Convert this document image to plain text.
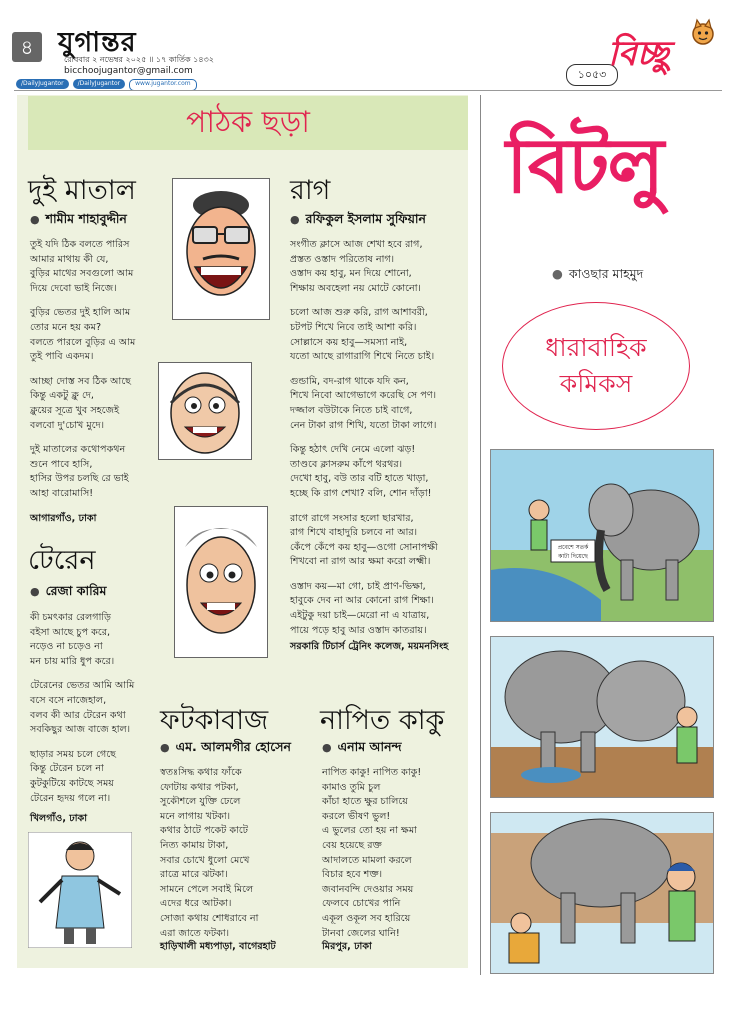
৪ যুগান্তর
রোববার ২ নভেম্বর ২০২৫ ॥ ১৭ কার্তিক ১৪৩২
bicchoojugantor@gmail.com
/DailyJugantor	/DailyJugantor	www.jugantor.com
১০৫৩
বিচ্ছু
পাঠক ছড়া
দুই মাতাল
● শামীম শাহাবুদ্দীন

তুই যদি ঠিক বলতে পারিস
আমার মাথায় কী যে,
বুড়ির মাথের সবগুলো আম
দিয়ে দেবো ভাই নিজে।

বুড়ির ভেতর দুই হালি আম
তোর মনে হয় কম?
বলতে পারলে বুড়ির এ আম
তুই পাবি একদম।

আচ্ছা দোস্ত সব ঠিক আছে
কিন্তু একটু ক্লু দে,
ক্লুয়ের সূত্রে খুব সহজেই
বলবো দু'চোখ মুদে।

দুই মাতালের কথোপকথন
শুনে পাবে হাসি,
হাসির উপর চলছি রে ভাই
আহা বারোমাসি!

আগারগাঁও, ঢাকা
টেরেন
● রেজা কারিম

কী চমৎকার রেলগাড়ি
বইসা আছে চুপ করে,
নড়েও না চড়েও না
মন চায় মারি ধুপ করে।

টেরেনের ভেতর আমি আমি
বসে বসে নাজেহাল,
বলব কী আর টেরেন কথা
সবকিছুর আজ বাজে হাল।

ছাড়ার সময় চলে গেছে
কিন্তু টেরেন চলে না
কুটকুটিয়ে কাটছে সময়
টেরেন হৃদয় গলে না।

খিলগাঁও, ঢাকা
রাগ
● রফিকুল ইসলাম সুফিয়ান

সংগীত ক্লাসে আজ শেখা হবে রাগ,
প্রস্তত ওস্তাদ পরিতোষ নাগ।
ওস্তাদ কয় হাবু, মন দিয়ে শোনো,
শিক্ষায় অবহেলা নয় মোটে কোনো।

চলো আজ শুরু করি, রাগ আশাবরী,
চটপট শিখে নিবে তাই আশা করি।
সোল্লাসে কয় হাবু—সমস্যা নাই,
যতো আছে রাগারাগি শিখে নিতে চাই।

গুন্ডামি, বদ-রাগ থাকে যদি কন,
শিখে নিবো আগেভাগে করেছি সে পণ।
দজ্জাল বউটাকে নিতে চাই বাগে,
নেন টাকা রাগ শিখি, যতো টাকা লাগে।

কিন্তু হঠাৎ দেখি নেমে এলো ঝড়!
তাণ্ডবে ক্লাসরুম কাঁপে থরথর।
দেখো হাবু, বউ তার বটি হাতে খাড়া,
হচ্ছে কি রাগ শেখা? বলি, শোন দাঁড়া!

রাগে রাগে সংসার হলো ছারখার,
রাগ শিখে বাহাদুরি চলবে না আর।
কেঁপে কেঁপে কয় হাবু—ওগো সোনাপক্ষী
শিখবো না রাগ আর ক্ষমা করো লক্ষ্মী।

ওস্তাদ কয়—মা গো, চাই প্রাণ-ভিক্ষা,
হাবুকে দেব না আর কোনো রাগ শিক্ষা।
এইটুকু দয়া চাই—মেরো না এ যাত্রায়,
পায়ে পড়ে হাবু আর ওস্তাদ কাতরায়।

সরকারি টিচার্স ট্রেনিং কলেজ, ময়মনসিংহ
ফটকাবাজ
● এম. আলমগীর হোসেন
স্বতঃসিদ্ধ কথার ফাঁকে
ফোটায় কথার পটকা,
সুকৌশলে যুক্তি ঢেলে
মনে লাগায় খটকা।
কথার ঠাটে পকেট কাটে
নিত্য কামায় টাকা,
সবার চোখে ধুলো মেখে
রাত্রে মারে ঝটকা।
সামনে পেলে সবাই মিলে
এদের ধরে আটকা।
সোজা কথায় শোধরাবে না
এরা জাতে ফটকা।
হাড়িখালী মধ্যপাড়া, বাগেরহাট
নাপিত কাকু
● এনাম আনন্দ
নাপিত কাকু! নাপিত কাকু!
কামাও তুমি চুল
কাঁচা হাতে ক্ষুর চালিয়ে
করলে ভীষণ ভুল!
এ ভুলের তো হয় না ক্ষমা
বেয় হয়েছে রক্ত
আদালতে মামলা করলে
বিচার হবে শক্ত।
জবানবন্দি দেওয়ার সময়
ফেলবে চোখের পানি
একূল ওকূল সব হারিয়ে
টানবা জেলের ঘানি!
মিরপুর, ঢাকা
বিটলু
● কাওছার মাহমুদ
ধারাবাহিক
কমিকস
প্রবেশে সতর্ক
কাটা দিয়েছে
